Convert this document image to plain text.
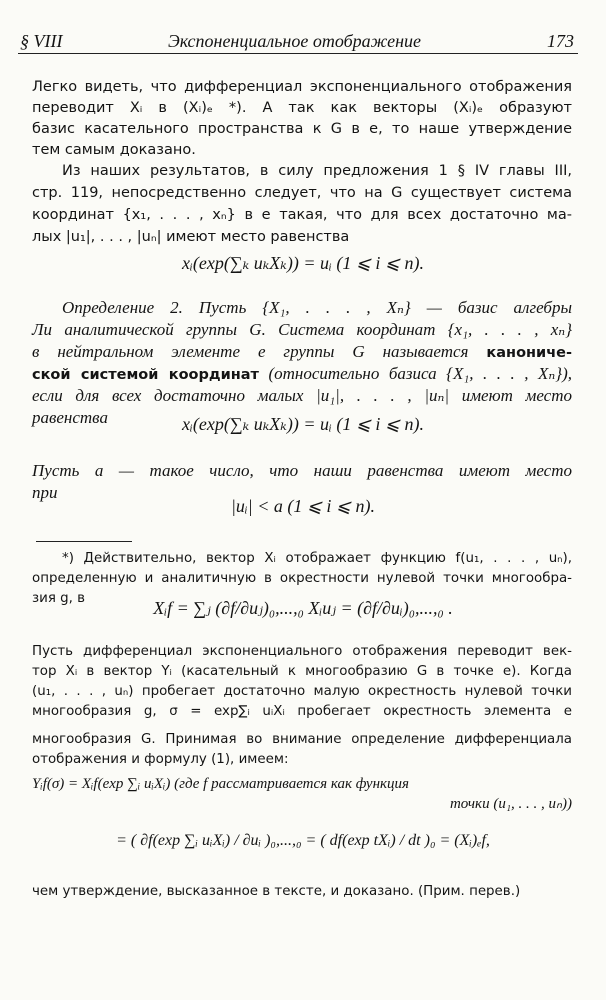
§ VIII	Экспоненциальное отображение	173

Легко видеть, что дифференциал экспоненциального отображения

переводит Xᵢ в (Xᵢ)ₑ *). А так как векторы (Xᵢ)ₑ образуют

базис касательного пространства к G в e, то наше утверждение

тем самым доказано.

Из наших результатов, в силу предложения 1 § IV главы III,

стр. 119, непосредственно следует, что на G существует система

координат {x₁, . . . , xₙ} в e такая, что для всех достаточно ма-

лых |u₁|, . . . , |uₙ| имеют место равенства

xᵢ(exp(∑ₖ uₖXₖ)) = uᵢ (1 ⩽ i ⩽ n).

Определение 2. Пусть {X₁, . . . , Xₙ} — базис алгебры

Ли аналитической группы G. Система координат {x₁, . . . , xₙ}

в нейтральном элементе e группы G называется канониче-

ской системой координат (относительно базиса {X₁, . . . , Xₙ}),

если для всех достаточно малых |u₁|, . . . , |uₙ| имеют место

равенства	xᵢ(exp(∑ₖ uₖXₖ)) = uᵢ (1 ⩽ i ⩽ n).

Пусть a — такое число, что наши равенства имеют место

при

|uᵢ| < a (1 ⩽ i ⩽ n).

*) Действительно, вектор Xᵢ отображает функцию f(u₁, . . . , uₙ),

определенную и аналитичную в окрестности нулевой точки многообра-

зия g, в	Xᵢf = ∑ⱼ (∂f/∂uⱼ)₀,...,₀ Xᵢuⱼ = (∂f/∂uᵢ)₀,...,₀ .

Пусть дифференциал экспоненциального отображения переводит век-

тор Xᵢ в вектор Yᵢ (касательный к многообразию G в точке e). Когда

(u₁, . . . , uₙ) пробегает достаточно малую окрестность нулевой точки

многообразия g, σ = exp∑ᵢ uᵢXᵢ пробегает окрестность элемента e

многообразия G. Принимая во внимание определение дифференциала

отображения и формулу (1), имеем:

Yᵢf(σ) = Xᵢf(exp ∑ᵢ uᵢXᵢ) (где f рассматривается как функция

точки (u₁, . . . , uₙ))

= ( ∂f(exp ∑ᵢ uᵢXᵢ) / ∂uᵢ )₀,...,₀ = ( df(exp tXᵢ) / dt )₀ = (Xᵢ)ₑf,

чем утверждение, высказанное в тексте, и доказано. (Прим. перев.)
